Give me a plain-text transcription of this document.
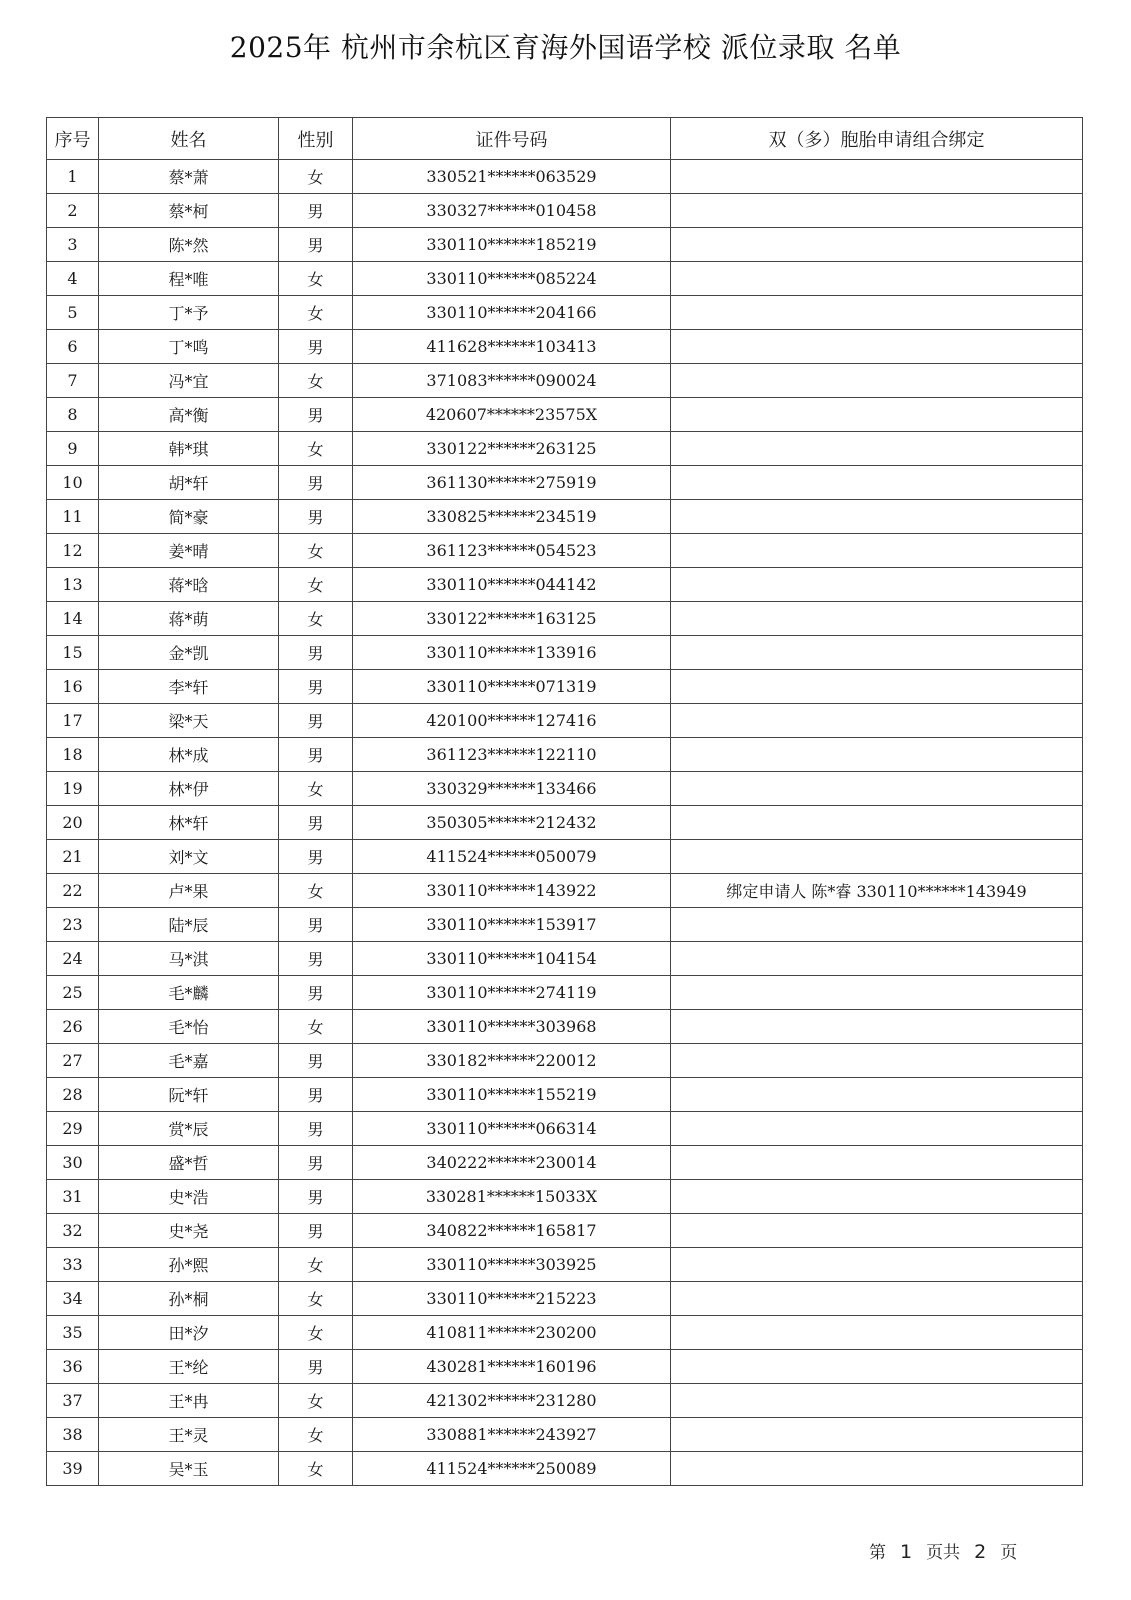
2025年 杭州市余杭区育海外国语学校 派位录取 名单
序号	姓名	性别	证件号码	双（多）胞胎申请组合绑定
1	蔡*萧	女	330521******063529	
2	蔡*柯	男	330327******010458	
3	陈*然	男	330110******185219	
4	程*唯	女	330110******085224	
5	丁*予	女	330110******204166	
6	丁*鸣	男	411628******103413	
7	冯*宜	女	371083******090024	
8	高*衡	男	420607******23575X	
9	韩*琪	女	330122******263125	
10	胡*轩	男	361130******275919	
11	简*豪	男	330825******234519	
12	姜*晴	女	361123******054523	
13	蒋*晗	女	330110******044142	
14	蒋*萌	女	330122******163125	
15	金*凯	男	330110******133916	
16	李*轩	男	330110******071319	
17	梁*天	男	420100******127416	
18	林*成	男	361123******122110	
19	林*伊	女	330329******133466	
20	林*轩	男	350305******212432	
21	刘*文	男	411524******050079	
22	卢*果	女	330110******143922	绑定申请人 陈*睿 330110******143949
23	陆*辰	男	330110******153917	
24	马*淇	男	330110******104154	
25	毛*麟	男	330110******274119	
26	毛*怡	女	330110******303968	
27	毛*嘉	男	330182******220012	
28	阮*轩	男	330110******155219	
29	赏*辰	男	330110******066314	
30	盛*哲	男	340222******230014	
31	史*浩	男	330281******15033X	
32	史*尧	男	340822******165817	
33	孙*熙	女	330110******303925	
34	孙*桐	女	330110******215223	
35	田*汐	女	410811******230200	
36	王*纶	男	430281******160196	
37	王*冉	女	421302******231280	
38	王*灵	女	330881******243927	
39	吴*玉	女	411524******250089	
第 1 页共 2 页
